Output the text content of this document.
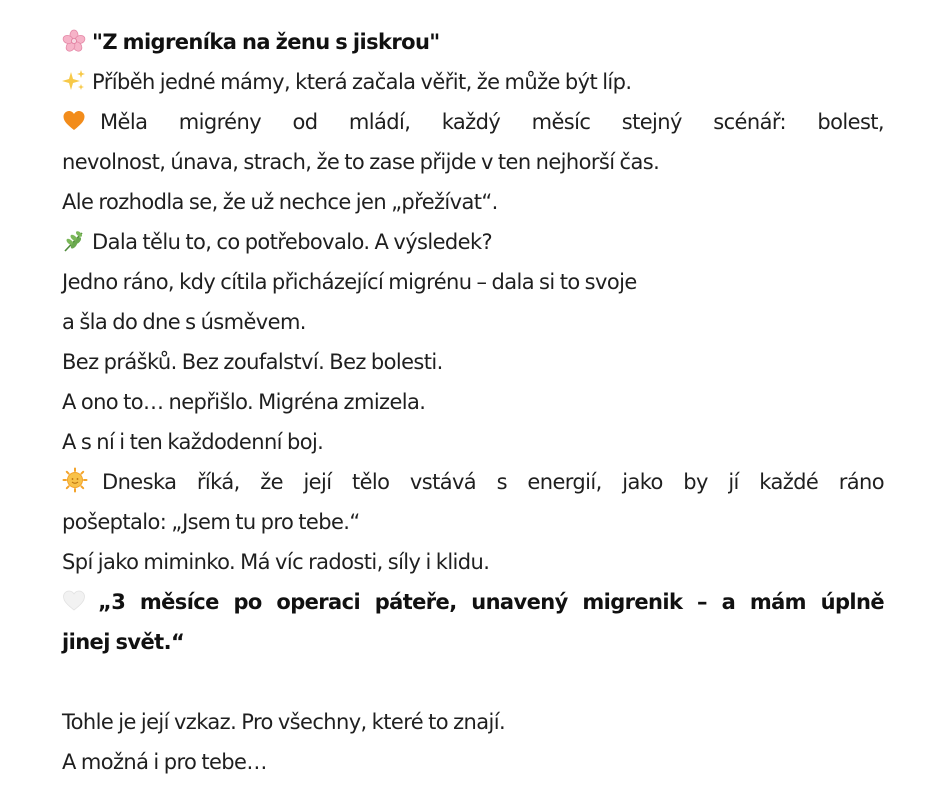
"Z migreníka na ženu s jiskrou"
Příběh jedné mámy, která začala věřit, že může být líp.
Měla migrény od mládí, každý měsíc stejný scénář: bolest,
nevolnost, únava, strach, že to zase přijde v ten nejhorší čas.
Ale rozhodla se, že už nechce jen „přežívat“.
Dala tělu to, co potřebovalo. A výsledek?
Jedno ráno, kdy cítila přicházející migrénu – dala si to svoje
a šla do dne s úsměvem.
Bez prášků. Bez zoufalství. Bez bolesti.
A ono to… nepřišlo. Migréna zmizela.
A s ní i ten každodenní boj.
Dneska říká, že její tělo vstává s energií, jako by jí každé ráno
pošeptalo: „Jsem tu pro tebe.“
Spí jako miminko. Má víc radosti, síly i klidu.
„3 měsíce po operaci páteře, unavený migrenik – a mám úplně
jinej svět.“
Tohle je její vzkaz. Pro všechny, které to znají.
A možná i pro tebe…
